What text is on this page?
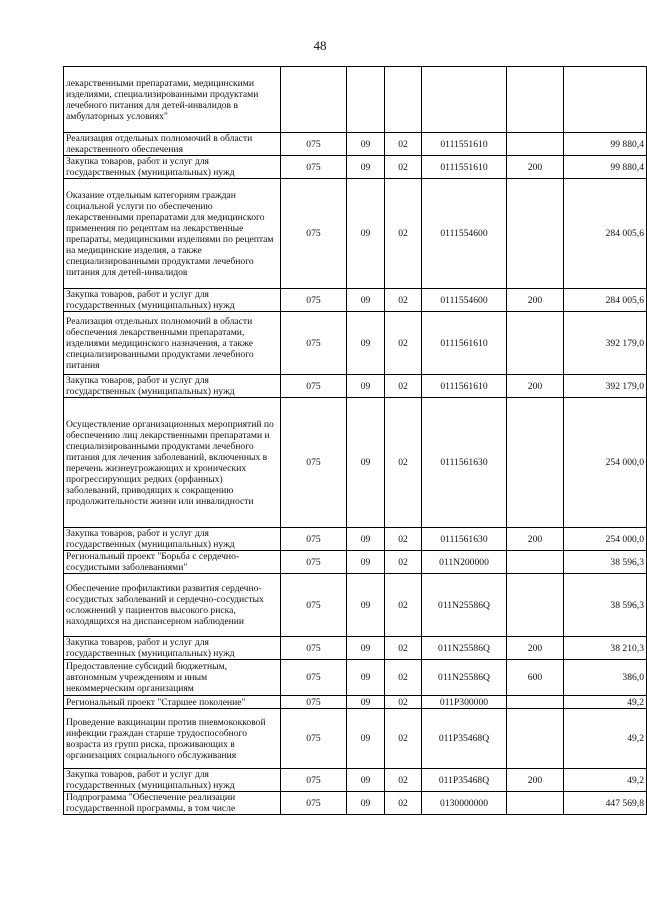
48
лекарственными препаратами, медицинскими изделиями, специализированными продуктами лечебного питания для детей-инвалидов в амбулаторных условиях"						
Реализация отдельных полномочий в области лекарственного обеспечения	075	09	02	0111551610		99 880,4
Закупка товаров, работ и услуг для государственных (муниципальных) нужд	075	09	02	0111551610	200	99 880,4
Оказание отдельным категориям граждан социальной услуги по обеспечению лекарственными препаратами для медицинского применения по рецептам на лекарственные препараты, медицинскими изделиями по рецептам на медицинские изделия, а также специализированными продуктами лечебного питания для детей-инвалидов	075	09	02	0111554600		284 005,6
Закупка товаров, работ и услуг для государственных (муниципальных) нужд	075	09	02	0111554600	200	284 005,6
Реализация отдельных полномочий в области обеспечения лекарственными препаратами, изделиями медицинского назначения, а также специализированными продуктами лечебного питания	075	09	02	0111561610		392 179,0
Закупка товаров, работ и услуг для государственных (муниципальных) нужд	075	09	02	0111561610	200	392 179,0
Осуществление организационных мероприятий по обеспечению лиц лекарственными препаратами и специализированными продуктами лечебного питания для лечения заболеваний, включенных в перечень жизнеугрожающих и хронических прогрессирующих редких (орфанных) заболеваний, приводящих к сокращению продолжительности жизни или инвалидности	075	09	02	0111561630		254 000,0
Закупка товаров, работ и услуг для государственных (муниципальных) нужд	075	09	02	0111561630	200	254 000,0
Региональный проект "Борьба с сердечно-сосудистыми заболеваниями"	075	09	02	011N200000		38 596,3
Обеспечение профилактики развития сердечно-сосудистых заболеваний и сердечно-сосудистых осложнений у пациентов высокого риска, находящихся на диспансерном наблюдении	075	09	02	011N25586Q		38 596,3
Закупка товаров, работ и услуг для государственных (муниципальных) нужд	075	09	02	011N25586Q	200	38 210,3
Предоставление субсидий бюджетным, автономным учреждениям и иным некоммерческим организациям	075	09	02	011N25586Q	600	386,0
Региональный проект "Старшее поколение"	075	09	02	011P300000		49,2
Проведение вакцинации против пневмококковой инфекции граждан старше трудоспособного возраста из групп риска, проживающих в организациях социального обслуживания	075	09	02	011P35468Q		49,2
Закупка товаров, работ и услуг для государственных (муниципальных) нужд	075	09	02	011P35468Q	200	49,2
Подпрограмма "Обеспечение реализации государственной программы, в том числе	075	09	02	0130000000		447 569,8
